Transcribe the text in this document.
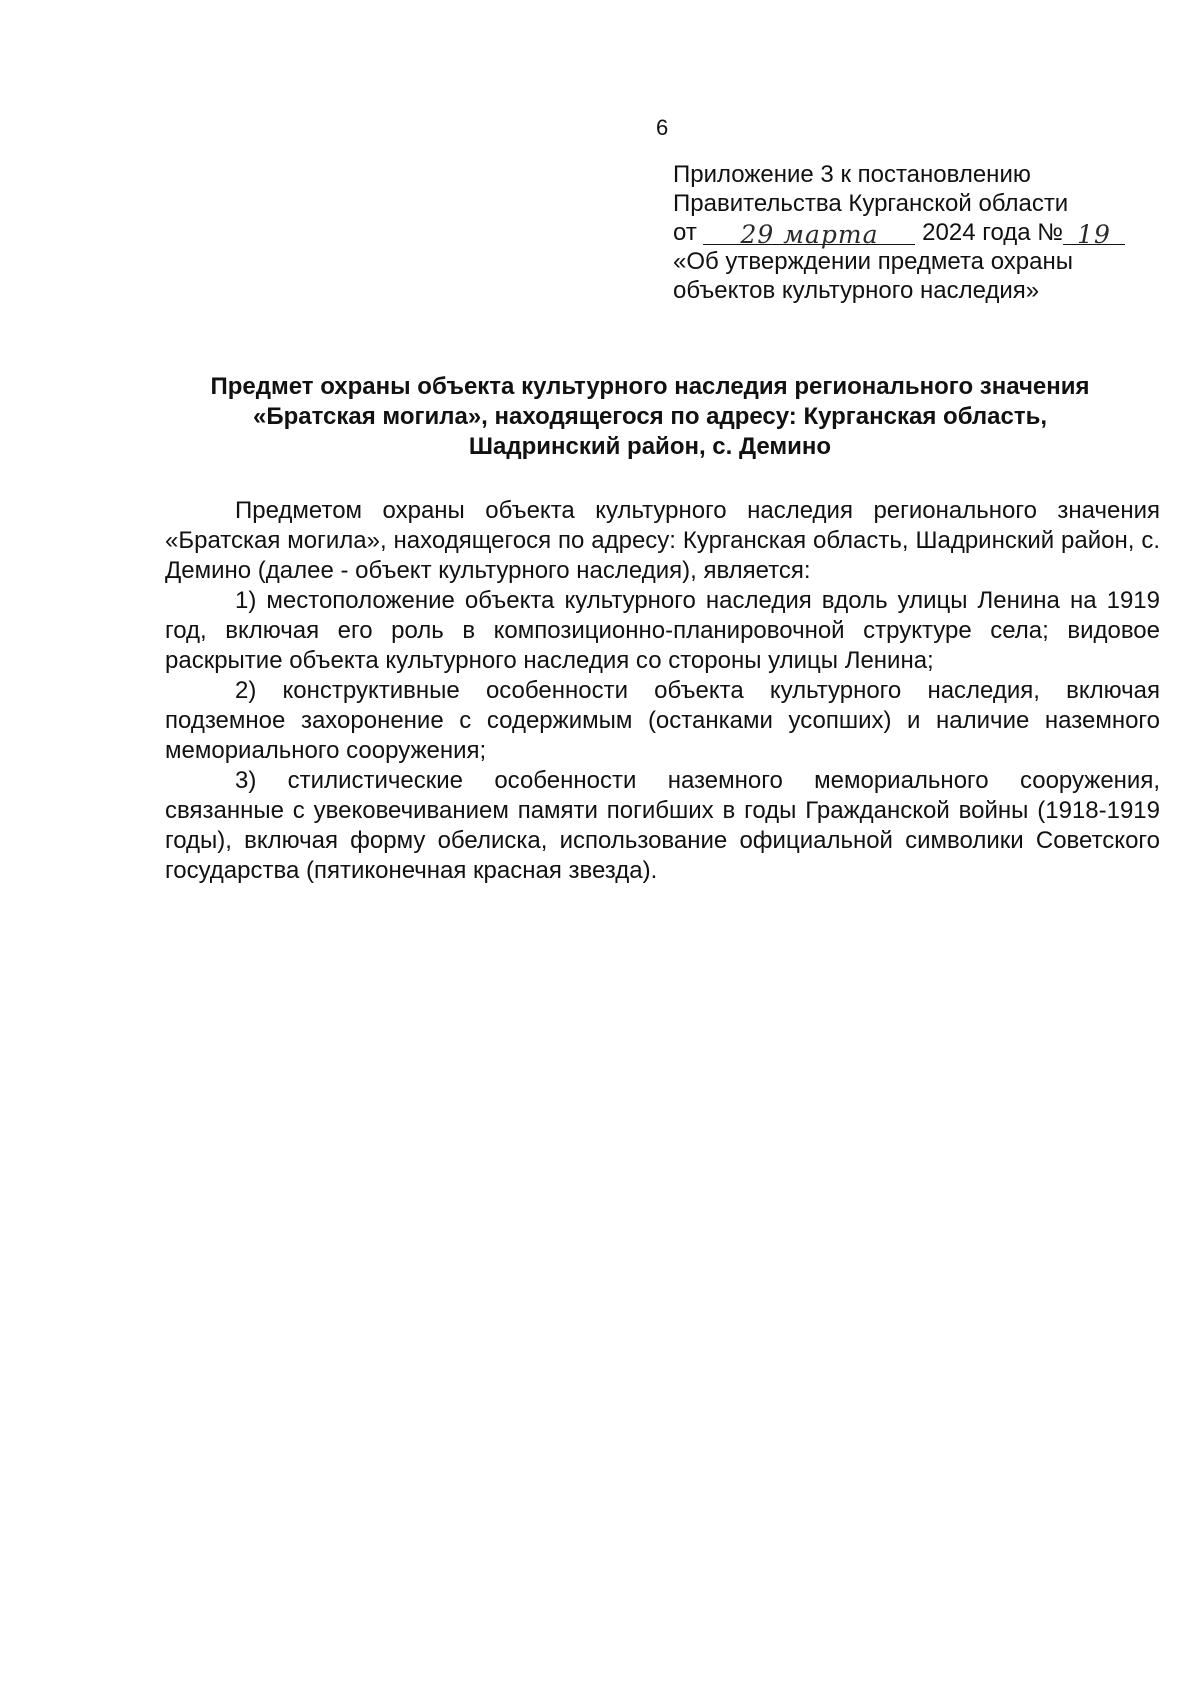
6
Приложение 3 к постановлению
Правительства Курганской области
от 29 марта 2024 года № 19
«Об утверждении предмета охраны
объектов культурного наследия»
Предмет охраны объекта культурного наследия регионального значения
«Братская могила», находящегося по адресу: Курганская область,
Шадринский район, с. Демино

Предметом охраны объекта культурного наследия регионального значения «Братская могила», находящегося по адресу: Курганская область, Шадринский район, с. Демино (далее - объект культурного наследия), является:

1) местоположение объекта культурного наследия вдоль улицы Ленина на 1919 год, включая его роль в композиционно-планировочной структуре села; видовое раскрытие объекта культурного наследия со стороны улицы Ленина;

2) конструктивные особенности объекта культурного наследия, включая подземное захоронение с содержимым (останками усопших) и наличие наземного мемориального сооружения;

3) стилистические особенности наземного мемориального сооружения, связанные с увековечиванием памяти погибших в годы Гражданской войны (1918-1919 годы), включая форму обелиска, использование официальной символики Советского государства (пятиконечная красная звезда).
